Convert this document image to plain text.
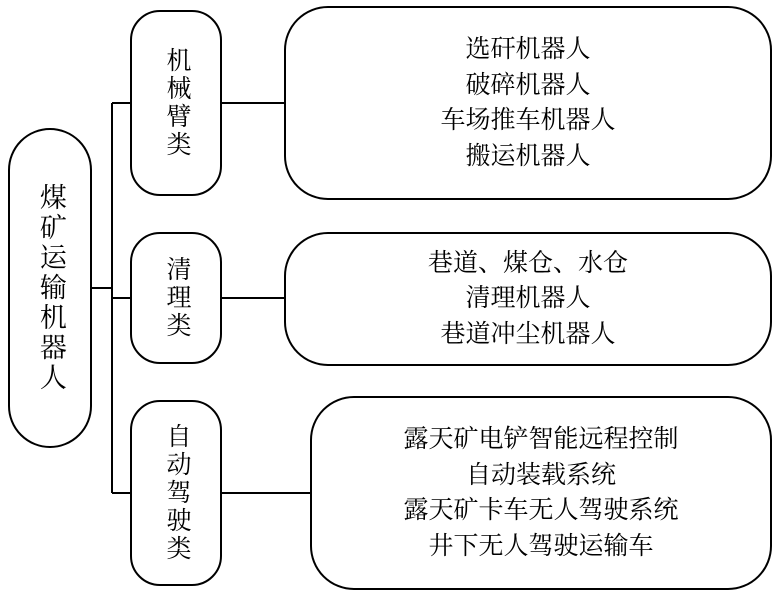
煤矿运输机器人
机械臂类
清理类
自动驾驶类
选矸机器人
破碎机器人
车场推车机器人
搬运机器人
巷道、煤仓、水仓
清理机器人
巷道冲尘机器人
露天矿电铲智能远程控制
自动装载系统
露天矿卡车无人驾驶系统
井下无人驾驶运输车
